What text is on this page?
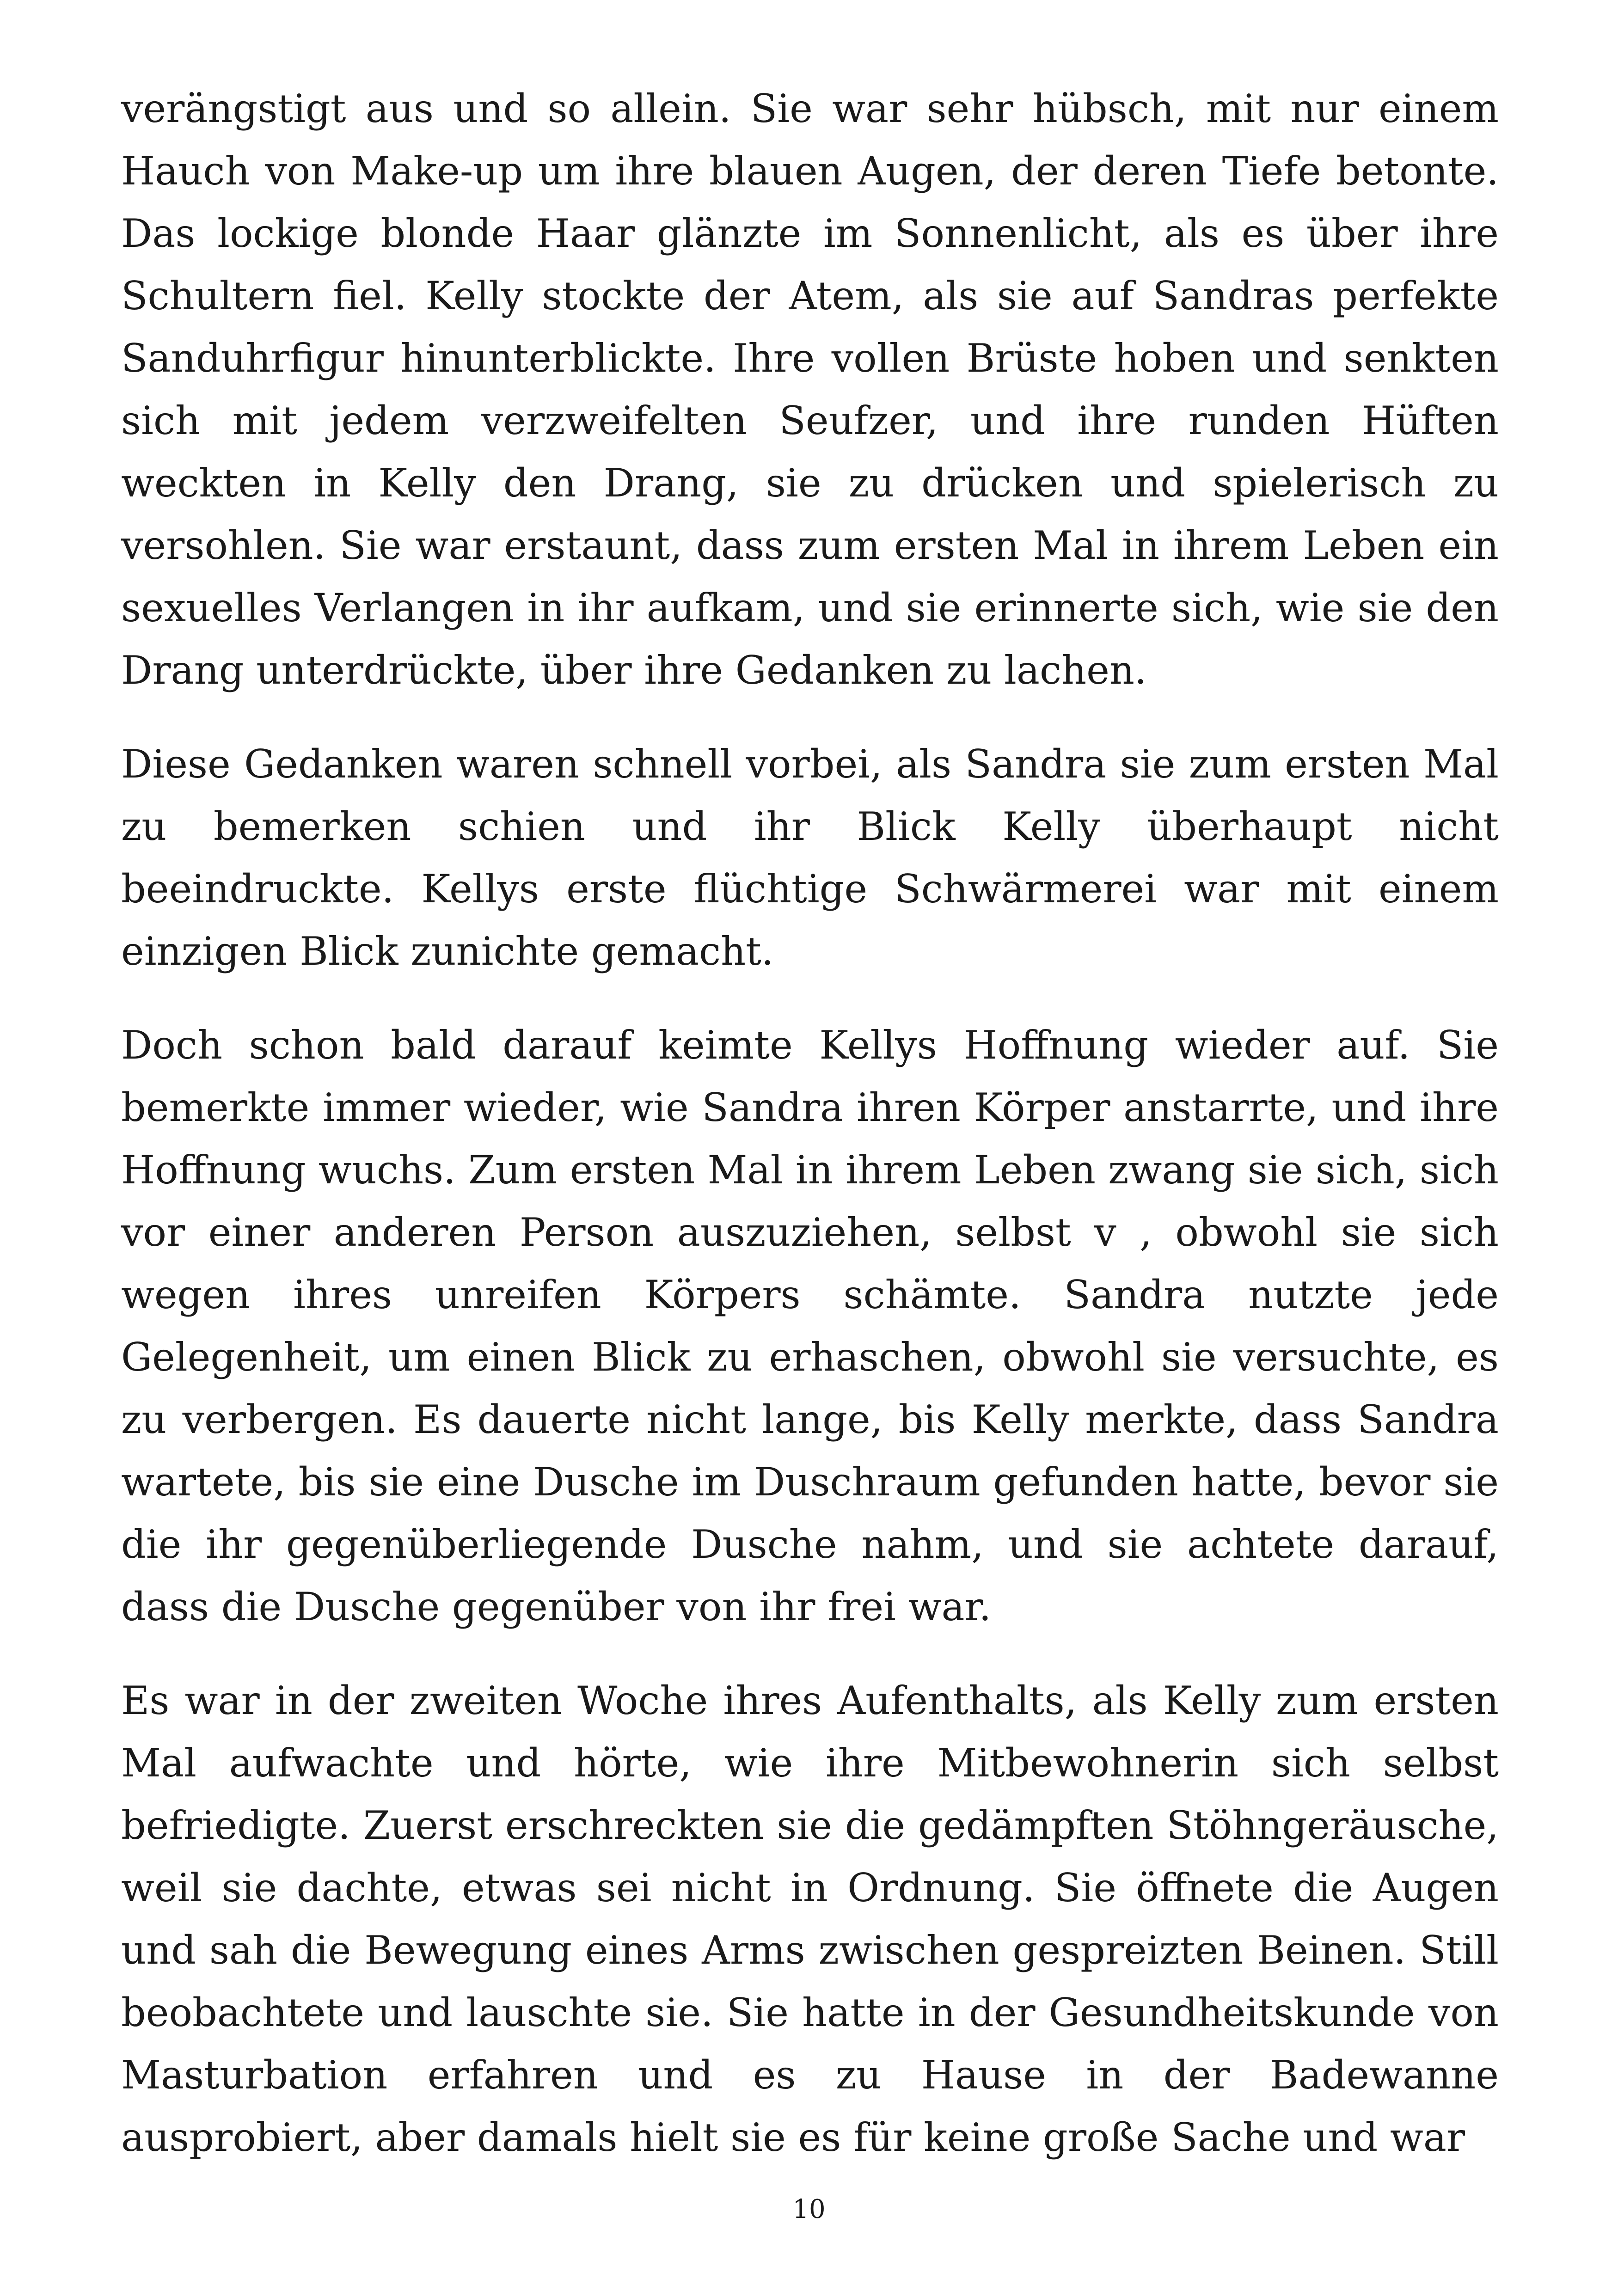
verängstigt aus und so allein. Sie war sehr hübsch, mit nur einem Hauch von Make-up um ihre blauen Augen, der deren Tiefe betonte. Das lockige blonde Haar glänzte im Sonnenlicht, als es über ihre Schultern fiel. Kelly stockte der Atem, als sie auf Sandras perfekte Sanduhrfigur hinunterblickte. Ihre vollen Brüste hoben und senkten sich mit jedem verzweifelten Seufzer, und ihre runden Hüften weckten in Kelly den Drang, sie zu drücken und spielerisch zu versohlen. Sie war erstaunt, dass zum ersten Mal in ihrem Leben ein sexuelles Verlangen in ihr aufkam, und sie erinnerte sich, wie sie den Drang unterdrückte, über ihre Gedanken zu lachen.

Diese Gedanken waren schnell vorbei, als Sandra sie zum ersten Mal zu bemerken schien und ihr Blick Kelly überhaupt nicht beeindruckte. Kellys erste flüchtige Schwärmerei war mit einem einzigen Blick zunichte gemacht.

Doch schon bald darauf keimte Kellys Hoffnung wieder auf. Sie bemerkte immer wieder, wie Sandra ihren Körper anstarrte, und ihre Hoffnung wuchs. Zum ersten Mal in ihrem Leben zwang sie sich, sich vor einer anderen Person auszuziehen, selbst v , obwohl sie sich wegen ihres unreifen Körpers schämte. Sandra nutzte jede Gelegenheit, um einen Blick zu erhaschen, obwohl sie versuchte, es zu verbergen. Es dauerte nicht lange, bis Kelly merkte, dass Sandra wartete, bis sie eine Dusche im Duschraum gefunden hatte, bevor sie die ihr gegenüberliegende Dusche nahm, und sie achtete darauf, dass die Dusche gegenüber von ihr frei war.

Es war in der zweiten Woche ihres Aufenthalts, als Kelly zum ersten Mal aufwachte und hörte, wie ihre Mitbewohnerin sich selbst befriedigte. Zuerst erschreckten sie die gedämpften Stöhngeräusche, weil sie dachte, etwas sei nicht in Ordnung. Sie öffnete die Augen und sah die Bewegung eines Arms zwischen gespreizten Beinen. Still beobachtete und lauschte sie. Sie hatte in der Gesundheitskunde von Masturbation erfahren und es zu Hause in der Badewanne ausprobiert, aber damals hielt sie es für keine große Sache und war

10
